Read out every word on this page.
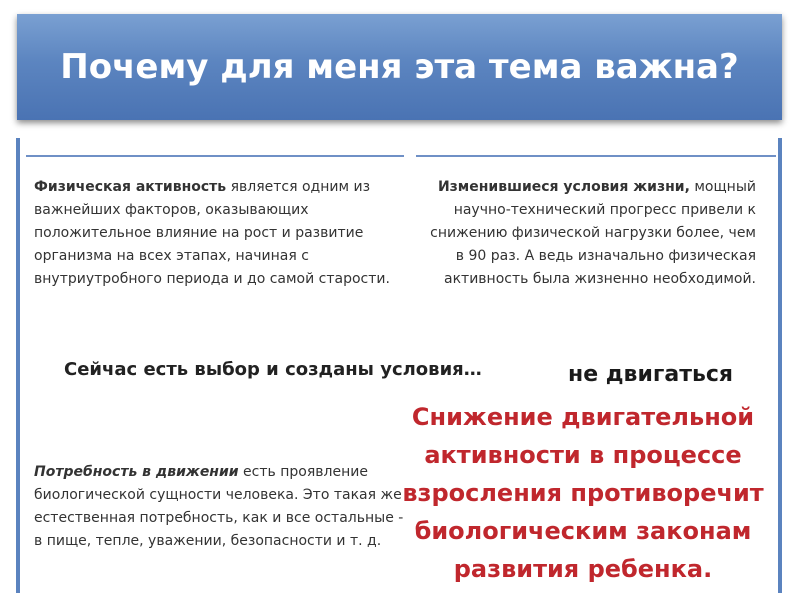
Почему для меня эта тема важна?
Физическая активность является одним из важнейших факторов, оказывающих положительное влияние на рост и развитие организма на всех этапах, начиная с внутриутробного периода и до самой старости.
Изменившиеся условия жизни, мощный научно-технический прогресс привели к снижению физической нагрузки более, чем в 90 раз. А ведь изначально физическая активность была жизненно необходимой.
Сейчас есть выбор и созданы условия…	не двигаться
Снижение двигательной
активности в процессе
взросления противоречит
биологическим законам
развития ребенка.
Потребность в движении есть проявление биологической сущности человека. Это такая же естественная потребность, как и все остальные - в пище, тепле, уважении, безопасности и т. д.
